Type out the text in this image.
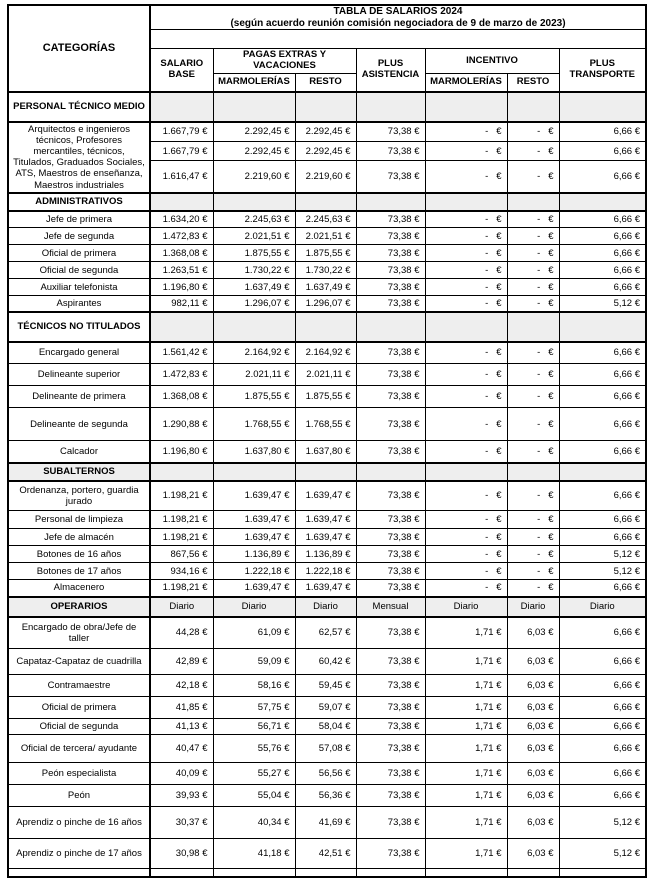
CATEGORÍAS	TABLA DE SALARIOS 2024
(según acuerdo reunión comisión negociadora de 9 de marzo de 2023)						

	SALARIO BASE	PAGAS EXTRAS Y VACACIONES		PLUS ASISTENCIA	INCENTIVO		PLUS TRANSPORTE
		MARMOLERÍAS	RESTO		MARMOLERÍAS	RESTO	
PERSONAL TÉCNICO MEDIO							
Arquitectos e ingenieros técnicos, Profesores mercantiles, técnicos, Titulados, Graduados Sociales, ATS, Maestros de enseñanza, Maestros industriales	1.667,79 €	2.292,45 €	2.292,45 €	73,38 €	-   €	-   €	6,66 €
	1.667,79 €	2.292,45 €	2.292,45 €	73,38 €	-   €	-   €	6,66 €
	1.616,47 €	2.219,60 €	2.219,60 €	73,38 €	-   €	-   €	6,66 €
ADMINISTRATIVOS							
Jefe de primera	1.634,20 €	2.245,63 €	2.245,63 €	73,38 €	-   €	-   €	6,66 €
Jefe de segunda	1.472,83 €	2.021,51 €	2.021,51 €	73,38 €	-   €	-   €	6,66 €
Oficial de primera	1.368,08 €	1.875,55 €	1.875,55 €	73,38 €	-   €	-   €	6,66 €
Oficial de segunda	1.263,51 €	1.730,22 €	1.730,22 €	73,38 €	-   €	-   €	6,66 €
Auxiliar telefonista	1.196,80 €	1.637,49 €	1.637,49 €	73,38 €	-   €	-   €	6,66 €
Aspirantes	982,11 €	1.296,07 €	1.296,07 €	73,38 €	-   €	-   €	5,12 €
TÉCNICOS NO TITULADOS							
Encargado general	1.561,42 €	2.164,92 €	2.164,92 €	73,38 €	-   €	-   €	6,66 €
Delineante superior	1.472,83 €	2.021,11 €	2.021,11 €	73,38 €	-   €	-   €	6,66 €
Delineante de primera	1.368,08 €	1.875,55 €	1.875,55 €	73,38 €	-   €	-   €	6,66 €
Delineante de segunda	1.290,88 €	1.768,55 €	1.768,55 €	73,38 €	-   €	-   €	6,66 €
Calcador	1.196,80 €	1.637,80 €	1.637,80 €	73,38 €	-   €	-   €	6,66 €
SUBALTERNOS							
Ordenanza, portero, guardia jurado	1.198,21 €	1.639,47 €	1.639,47 €	73,38 €	-   €	-   €	6,66 €
Personal de limpieza	1.198,21 €	1.639,47 €	1.639,47 €	73,38 €	-   €	-   €	6,66 €
Jefe de almacén	1.198,21 €	1.639,47 €	1.639,47 €	73,38 €	-   €	-   €	6,66 €
Botones de 16 años	867,56 €	1.136,89 €	1.136,89 €	73,38 €	-   €	-   €	5,12 €
Botones de 17 años	934,16 €	1.222,18 €	1.222,18 €	73,38 €	-   €	-   €	5,12 €
Almacenero	1.198,21 €	1.639,47 €	1.639,47 €	73,38 €	-   €	-   €	6,66 €
OPERARIOS	Diario	Diario	Diario	Mensual	Diario	Diario	Diario
Encargado de obra/Jefe de taller	44,28 €	61,09 €	62,57 €	73,38 €	1,71 €	6,03 €	6,66 €
Capataz-Capataz de cuadrilla	42,89 €	59,09 €	60,42 €	73,38 €	1,71 €	6,03 €	6,66 €
Contramaestre	42,18 €	58,16 €	59,45 €	73,38 €	1,71 €	6,03 €	6,66 €
Oficial de primera	41,85 €	57,75 €	59,07 €	73,38 €	1,71 €	6,03 €	6,66 €
Oficial de segunda	41,13 €	56,71 €	58,04 €	73,38 €	1,71 €	6,03 €	6,66 €
Oficial de tercera/ ayudante	40,47 €	55,76 €	57,08 €	73,38 €	1,71 €	6,03 €	6,66 €
Peón especialista	40,09 €	55,27 €	56,56 €	73,38 €	1,71 €	6,03 €	6,66 €
Peón	39,93 €	55,04 €	56,36 €	73,38 €	1,71 €	6,03 €	6,66 €
Aprendiz o pinche de 16 años	30,37 €	40,34 €	41,69 €	73,38 €	1,71 €	6,03 €	5,12 €
Aprendiz o pinche de 17 años	30,98 €	41,18 €	42,51 €	73,38 €	1,71 €	6,03 €	5,12 €
